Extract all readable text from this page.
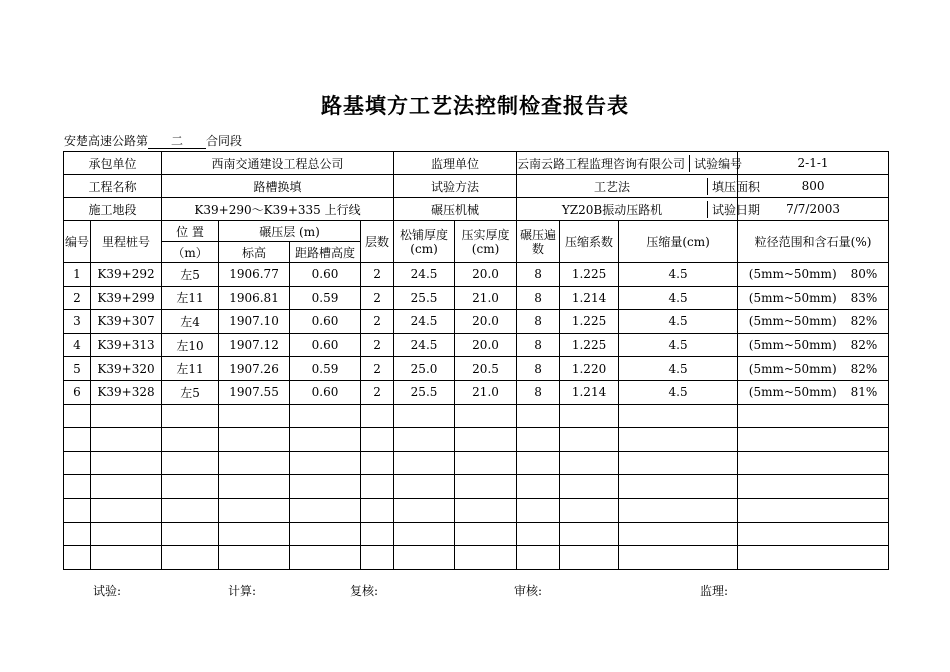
路基填方工艺法控制检查报告表
安楚高速公路第 二 合同段
承包单位		西南交通建设工程总公司				监理单位		云南云路工程监理咨询有限公司 试验编号			2-1-1
工程名称		路槽换填				试验方法		工艺法 填压面积			800
施工地段		K39+290～K39+335 上行线				碾压机械		YZ20B振动压路机 试验日期			7/7/2003
编号	里程桩号	位 置	碾压层 (m)		层数	松铺厚度(cm)	压实厚度(cm)	碾压遍数	压缩系数	压缩量(cm)	粒径范围和含石量(%)
		（m）	标高	距路槽高度							
1	K39+292	左5	1906.77	0.60	2	24.5	20.0	8	1.225	4.5	(5mm~50mm) 80%
2	K39+299	左11	1906.81	0.59	2	25.5	21.0	8	1.214	4.5	(5mm~50mm) 83%
3	K39+307	左4	1907.10	0.60	2	24.5	20.0	8	1.225	4.5	(5mm~50mm) 82%
4	K39+313	左10	1907.12	0.60	2	24.5	20.0	8	1.225	4.5	(5mm~50mm) 82%
5	K39+320	左11	1907.26	0.59	2	25.0	20.5	8	1.220	4.5	(5mm~50mm) 82%
6	K39+328	左5	1907.55	0.60	2	25.5	21.0	8	1.214	4.5	(5mm~50mm) 81%

试验:	计算:	复核:	审核:	监理:
